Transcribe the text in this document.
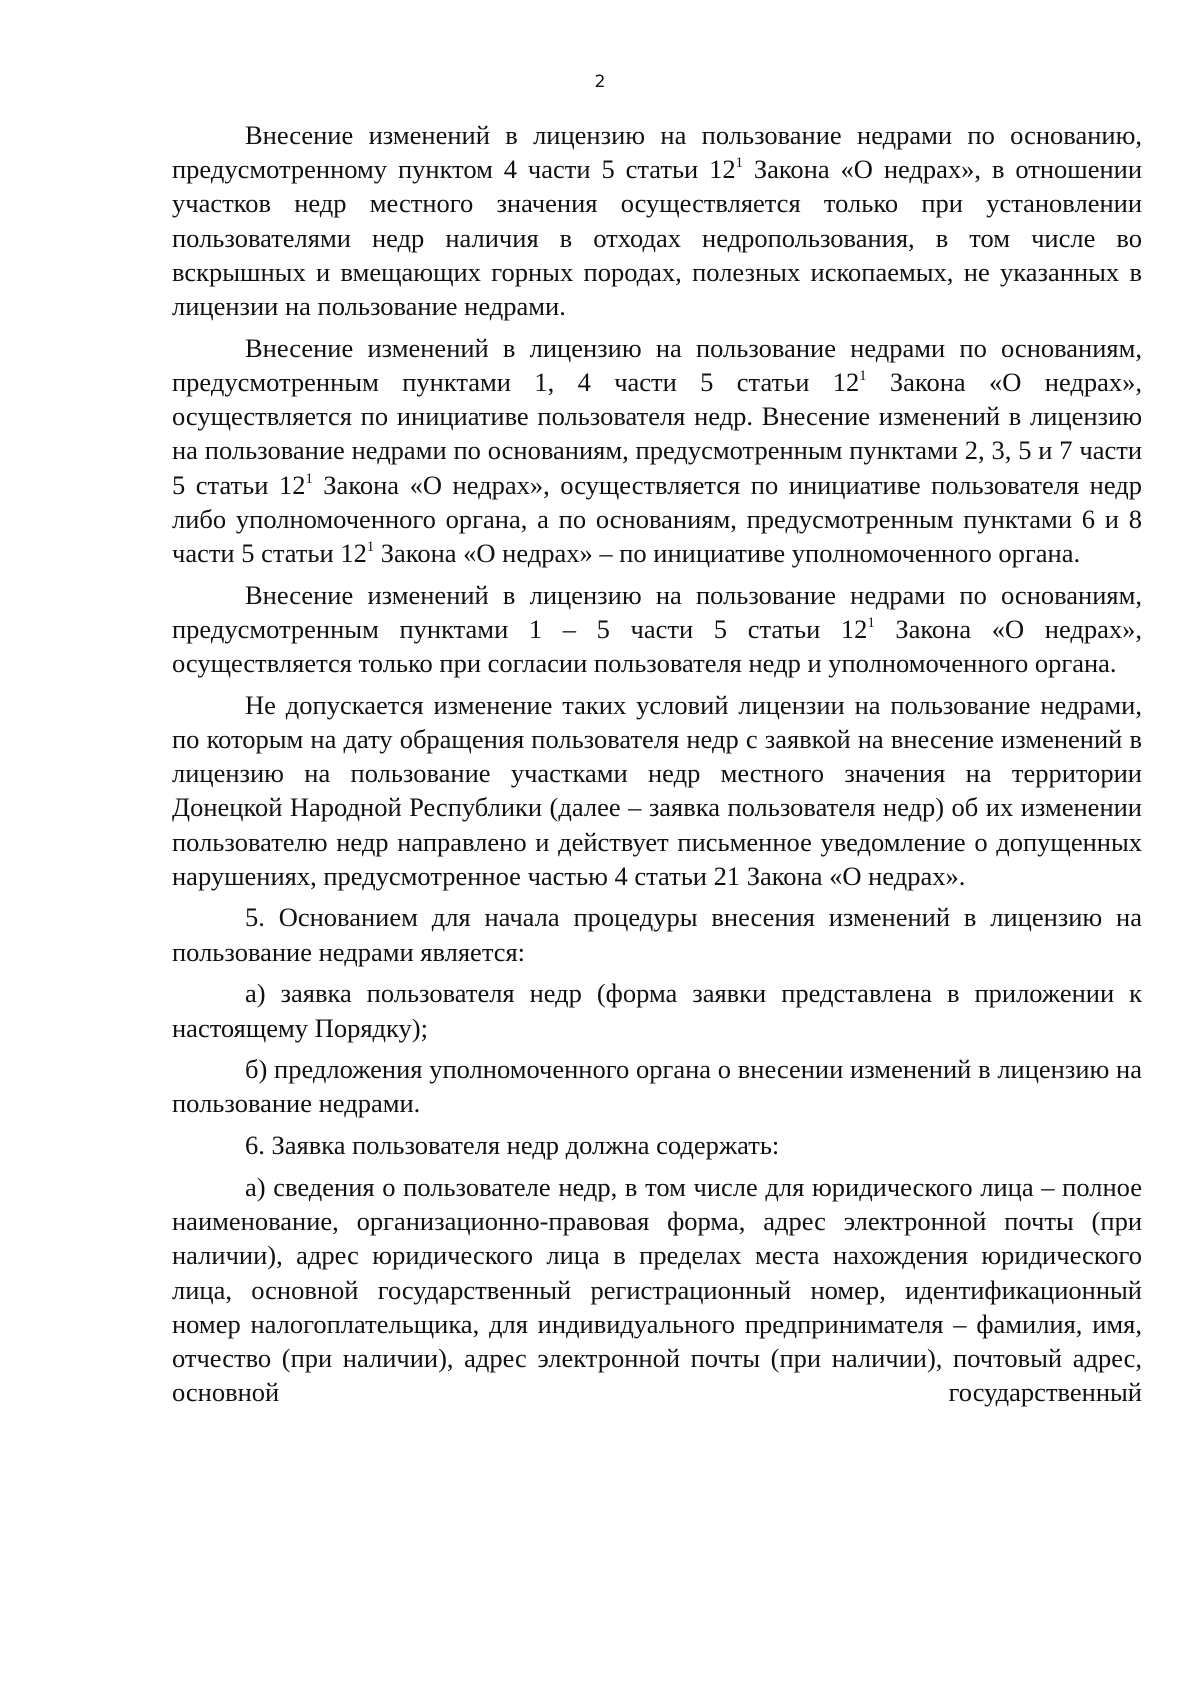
2

Внесение изменений в лицензию на пользование недрами по основанию, предусмотренному пунктом 4 части 5 статьи $12^1$ Закона «О недрах», в отношении участков недр местного значения осуществляется только при установлении пользователями недр наличия в отходах недропользования, в том числе во вскрышных и вмещающих горных породах, полезных ископаемых, не указанных в лицензии на пользование недрами.

Внесение изменений в лицензию на пользование недрами по основаниям, предусмотренным пунктами 1, 4 части 5 статьи $12^1$ Закона «О недрах», осуществляется по инициативе пользователя недр. Внесение изменений в лицензию на пользование недрами по основаниям, предусмотренным пунктами 2, 3, 5 и 7 части 5 статьи $12^1$ Закона «О недрах», осуществляется по инициативе пользователя недр либо уполномоченного органа, а по основаниям, предусмотренным пунктами 6 и 8 части 5 статьи $12^1$ Закона «О недрах» – по инициативе уполномоченного органа.

Внесение изменений в лицензию на пользование недрами по основаниям, предусмотренным пунктами 1 – 5 части 5 статьи $12^1$ Закона «О недрах», осуществляется только при согласии пользователя недр и уполномоченного органа.

Не допускается изменение таких условий лицензии на пользование недрами, по которым на дату обращения пользователя недр с заявкой на внесение изменений в лицензию на пользование участками недр местного значения на территории Донецкой Народной Республики (далее – заявка пользователя недр) об их изменении пользователю недр направлено и действует письменное уведомление о допущенных нарушениях, предусмотренное частью 4 статьи 21 Закона «О недрах».

5. Основанием для начала процедуры внесения изменений в лицензию на пользование недрами является:

а) заявка пользователя недр (форма заявки представлена в приложении к настоящему Порядку);

б) предложения уполномоченного органа о внесении изменений в лицензию на пользование недрами.

6. Заявка пользователя недр должна содержать:

а) сведения о пользователе недр, в том числе для юридического лица – полное наименование, организационно-правовая форма, адрес электронной почты (при наличии), адрес юридического лица в пределах места нахождения юридического лица, основной государственный регистрационный номер, идентификационный номер налогоплательщика, для индивидуального предпринимателя – фамилия, имя, отчество (при наличии), адрес электронной почты (при наличии), почтовый адрес, основной государственный
